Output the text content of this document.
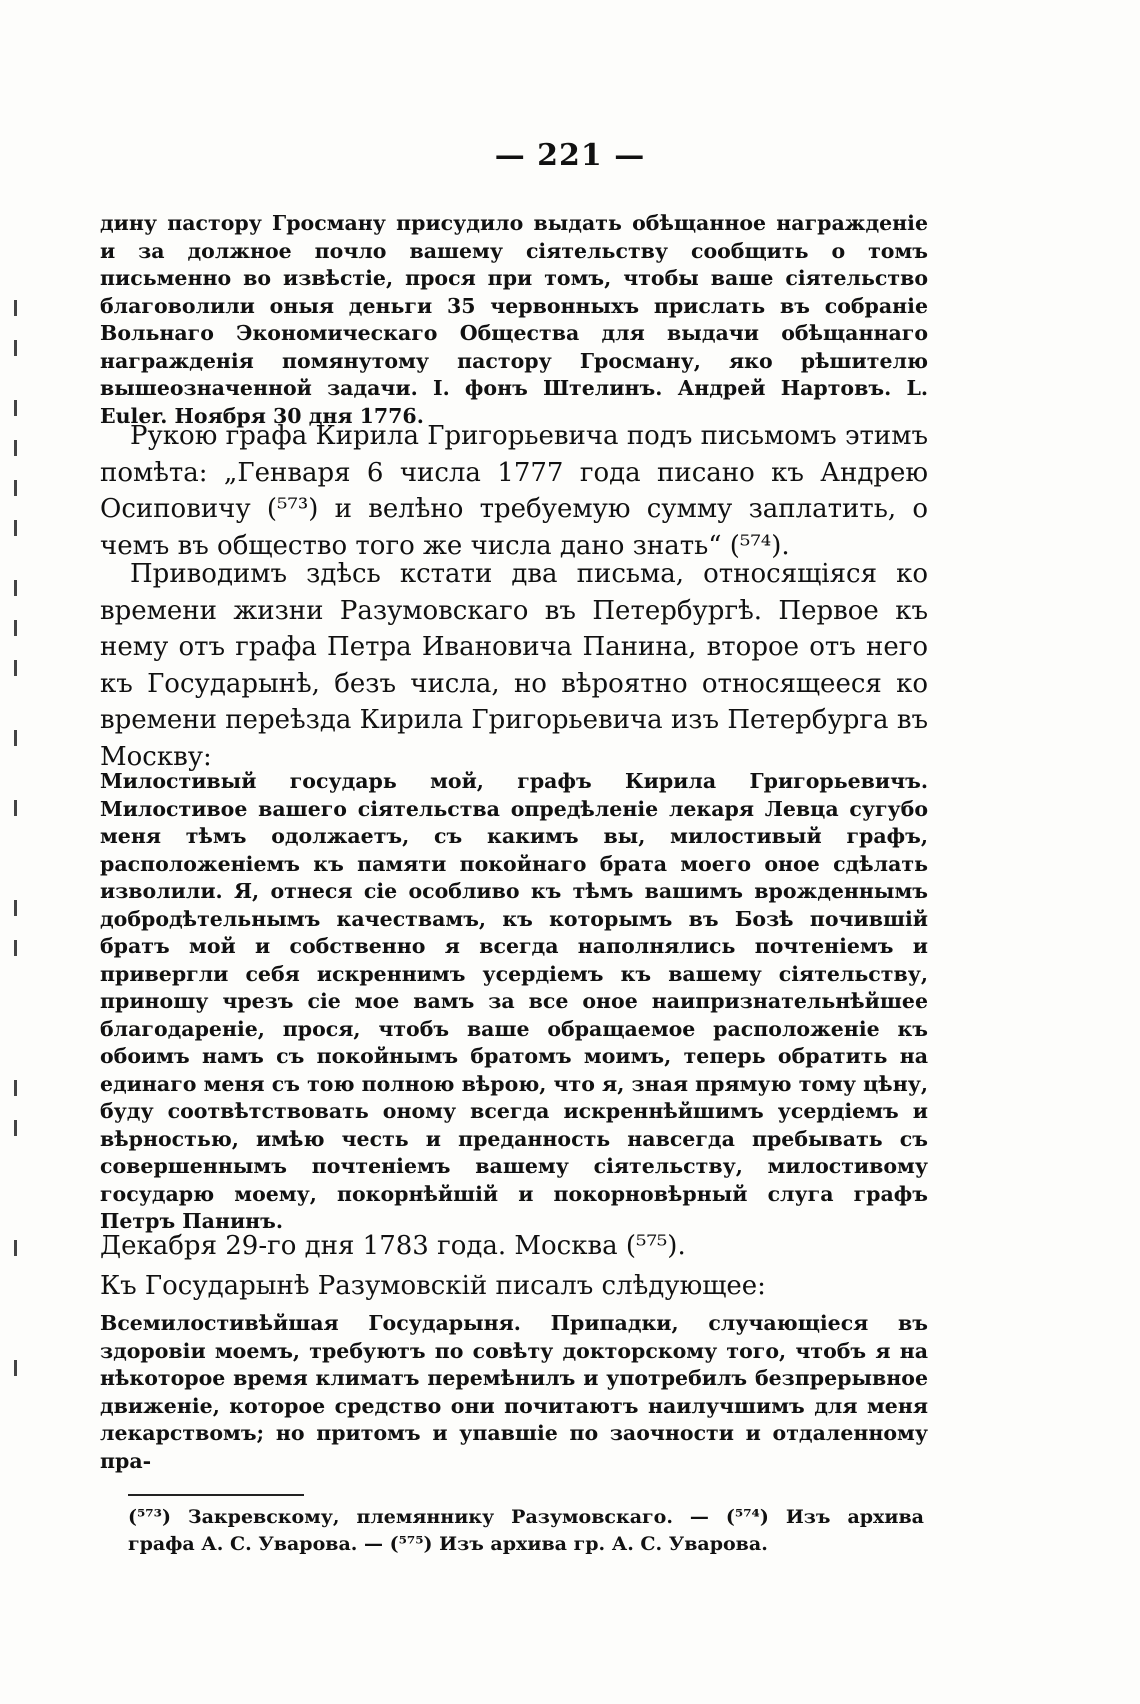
— 221 —

дину пастору Гросману присудило выдать обѣщанное награжденіе и за должное почло вашему сіятельству сообщить о томъ письменно во извѣстіе, прося при томъ, чтобы ваше сіятельство благоволили оныя деньги 35 червонныхъ прислать въ собраніе Вольнаго Экономическаго Общества для выдачи обѣщаннаго награжденія помянутому пастору Гросману, яко рѣшителю вышеозначенной задачи. І. фонъ Штелинъ. Андрей Нартовъ. L. Euler. Ноября 30 дня 1776.

Рукою графа Кирила Григорьевича подъ письмомъ этимъ помѣта: „Генваря 6 числа 1777 года писано къ Андрею Осиповичу (⁵⁷³) и велѣно требуемую сумму заплатить, о чемъ въ общество того же числа дано знать“ (⁵⁷⁴).

Приводимъ здѣсь кстати два письма, относящіяся ко времени жизни Разумовскаго въ Петербургѣ. Первое къ нему отъ графа Петра Ивановича Панина, второе отъ него къ Государынѣ, безъ числа, но вѣроятно относящееся ко времени переѣзда Кирила Григорьевича изъ Петербурга въ Москву:

Милостивый государь мой, графъ Кирила Григорьевичъ. Милостивое вашего сіятельства опредѣленіе лекаря Левца сугубо меня тѣмъ одолжаетъ, съ какимъ вы, милостивый графъ, расположеніемъ къ памяти покойнаго брата моего оное сдѣлать изволили. Я, отнеся сіе особливо къ тѣмъ вашимъ врожденнымъ добродѣтельнымъ качествамъ, къ которымъ въ Бозѣ почившій братъ мой и собственно я всегда наполнялись почтеніемъ и привергли себя искреннимъ усердіемъ къ вашему сіятельству, приношу чрезъ сіе мое вамъ за все оное наипризнательнѣйшее благодареніе, прося, чтобъ ваше обращаемое расположеніе къ обоимъ намъ съ покойнымъ братомъ моимъ, теперь обратить на единаго меня съ тою полною вѣрою, что я, зная прямую тому цѣну, буду соотвѣтствовать оному всегда искреннѣйшимъ усердіемъ и вѣрностью, имѣю честь и преданность навсегда пребывать съ совершеннымъ почтеніемъ вашему сіятельству, милостивому государю моему, покорнѣйшій и покорновѣрный слуга графъ Петръ Панинъ.

Декабря 29-го дня 1783 года. Москва (⁵⁷⁵).

Къ Государынѣ Разумовскій писалъ слѣдующее:

Всемилостивѣйшая Государыня. Припадки, случающіеся въ здоровіи моемъ, требуютъ по совѣту докторскому того, чтобъ я на нѣкоторое время климатъ перемѣнилъ и употребилъ безпрерывное движеніе, которое средство они почитаютъ наилучшимъ для меня лекарствомъ; но притомъ и упавшіе по заочности и отдаленному пра-

(⁵⁷³) Закревскому, племяннику Разумовскаго. — (⁵⁷⁴) Изъ архива графа А. С. Уварова. — (⁵⁷⁵) Изъ архива гр. А. С. Уварова.
